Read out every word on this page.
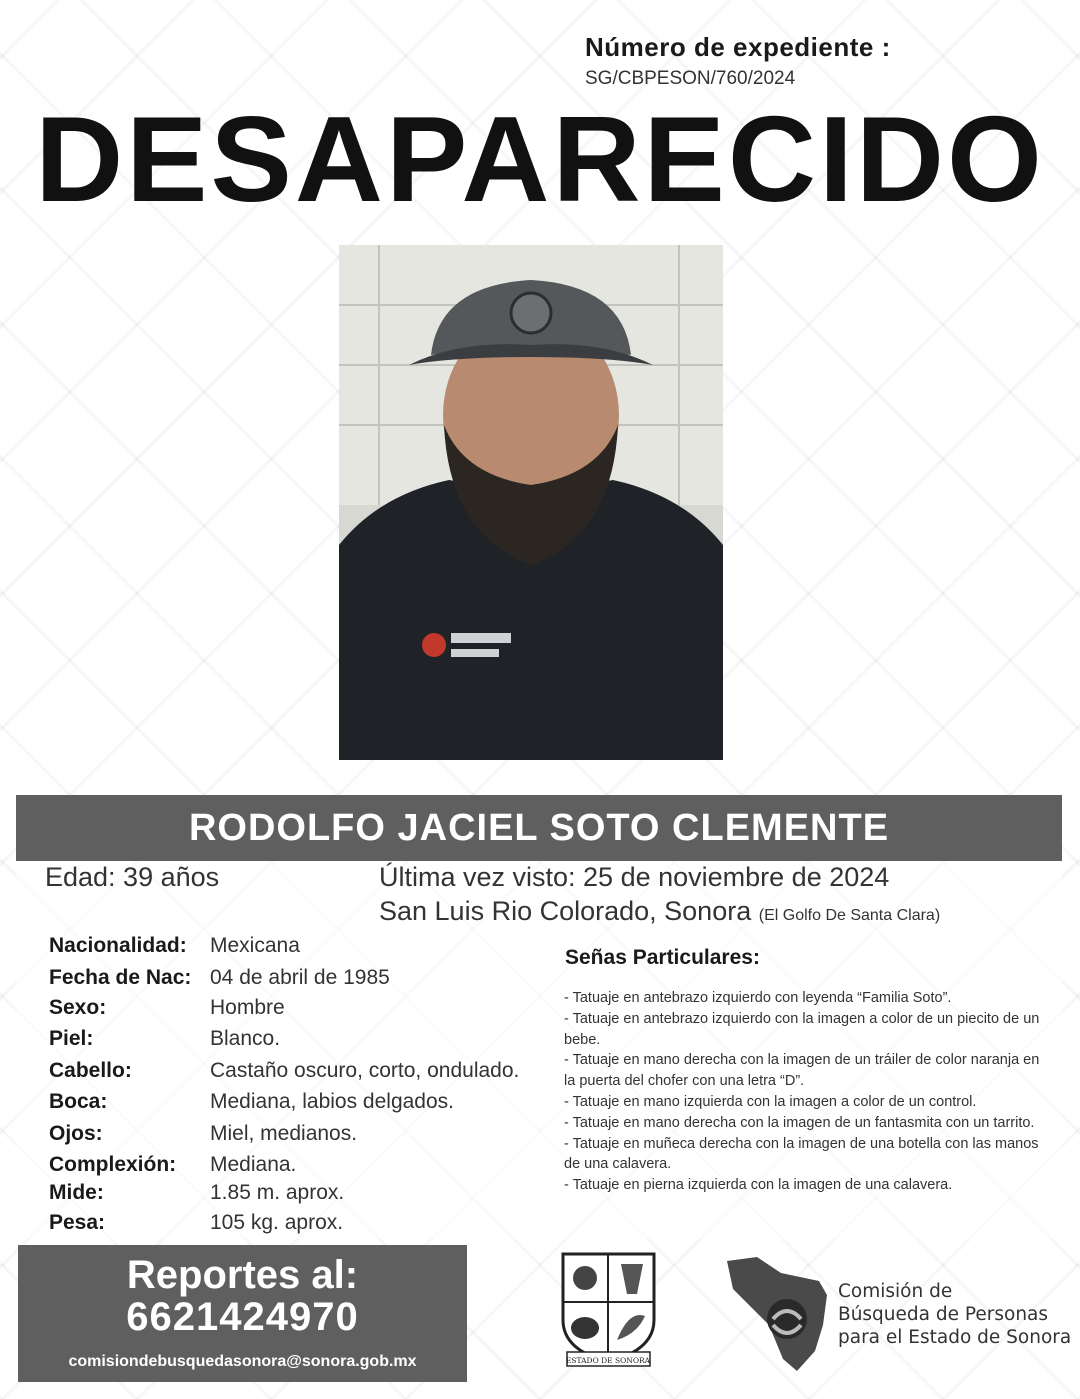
Número de expediente :
SG/CBPESON/760/2024
DESAPARECIDO
RODOLFO JACIEL SOTO CLEMENTE
Edad: 39 años	Última vez visto: 25 de noviembre de 2024
San Luis Rio Colorado, Sonora (El Golfo De Santa Clara)
Nacionalidad: Mexicana
Fecha de Nac: 04 de abril de 1985
Sexo:	Hombre
Piel:	Blanco.
Cabello:	Castaño oscuro, corto, ondulado.
Boca:	Mediana, labios delgados.
Ojos:	Miel, medianos.
Complexión: Mediana.
Mide:	1.85 m. aprox.
Pesa:	105 kg. aprox.
Señas Particulares:
- Tatuaje en antebrazo izquierdo con leyenda “Familia Soto”.
- Tatuaje en antebrazo izquierdo con la imagen a color de un piecito de un bebe.
- Tatuaje en mano derecha con la imagen de un tráiler de color naranja en la puerta del chofer con una letra “D”.
- Tatuaje en mano izquierda con la imagen a color de un control.
- Tatuaje en mano derecha con la imagen de un fantasmita con un tarrito.
- Tatuaje en muñeca derecha con la imagen de una botella con las manos de una calavera.
- Tatuaje en pierna izquierda con la imagen de una calavera.
Reportes al:
6621424970
comisiondebusquedasonora@sonora.gob.mx	ESTADO DE SONORA
Comisión de
Búsqueda de Personas
para el Estado de Sonora
